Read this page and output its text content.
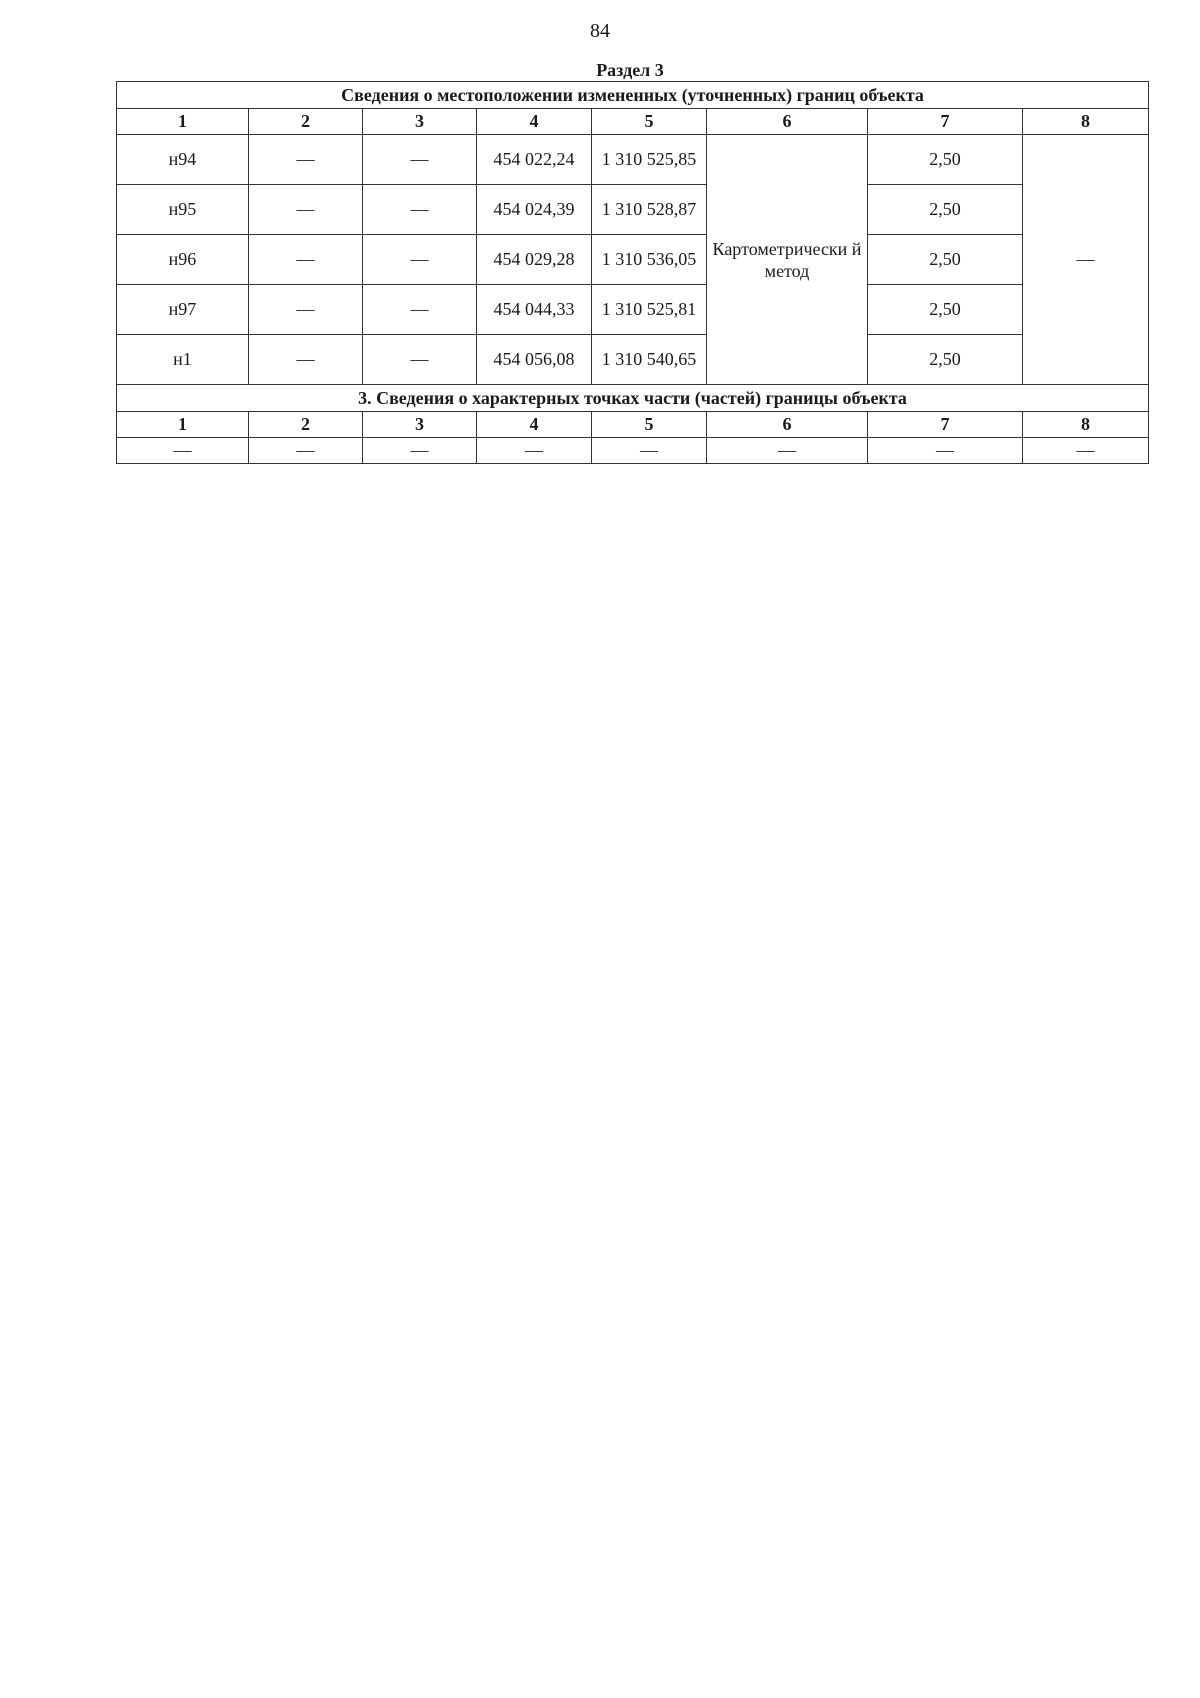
84
Раздел 3
Сведения о местоположении измененных (уточненных) границ объекта							
1	2	3	4	5	6	7	8
н94	—	—	454 022,24	1 310 525,85	Картометрически й метод	2,50	—
н95	—	—	454 024,39	1 310 528,87		2,50	
н96	—	—	454 029,28	1 310 536,05		2,50	
н97	—	—	454 044,33	1 310 525,81		2,50	
н1	—	—	454 056,08	1 310 540,65		2,50	
3. Сведения о характерных точках части (частей) границы объекта							
1	2	3	4	5	6	7	8
—	—	—	—	—	—	—	—
